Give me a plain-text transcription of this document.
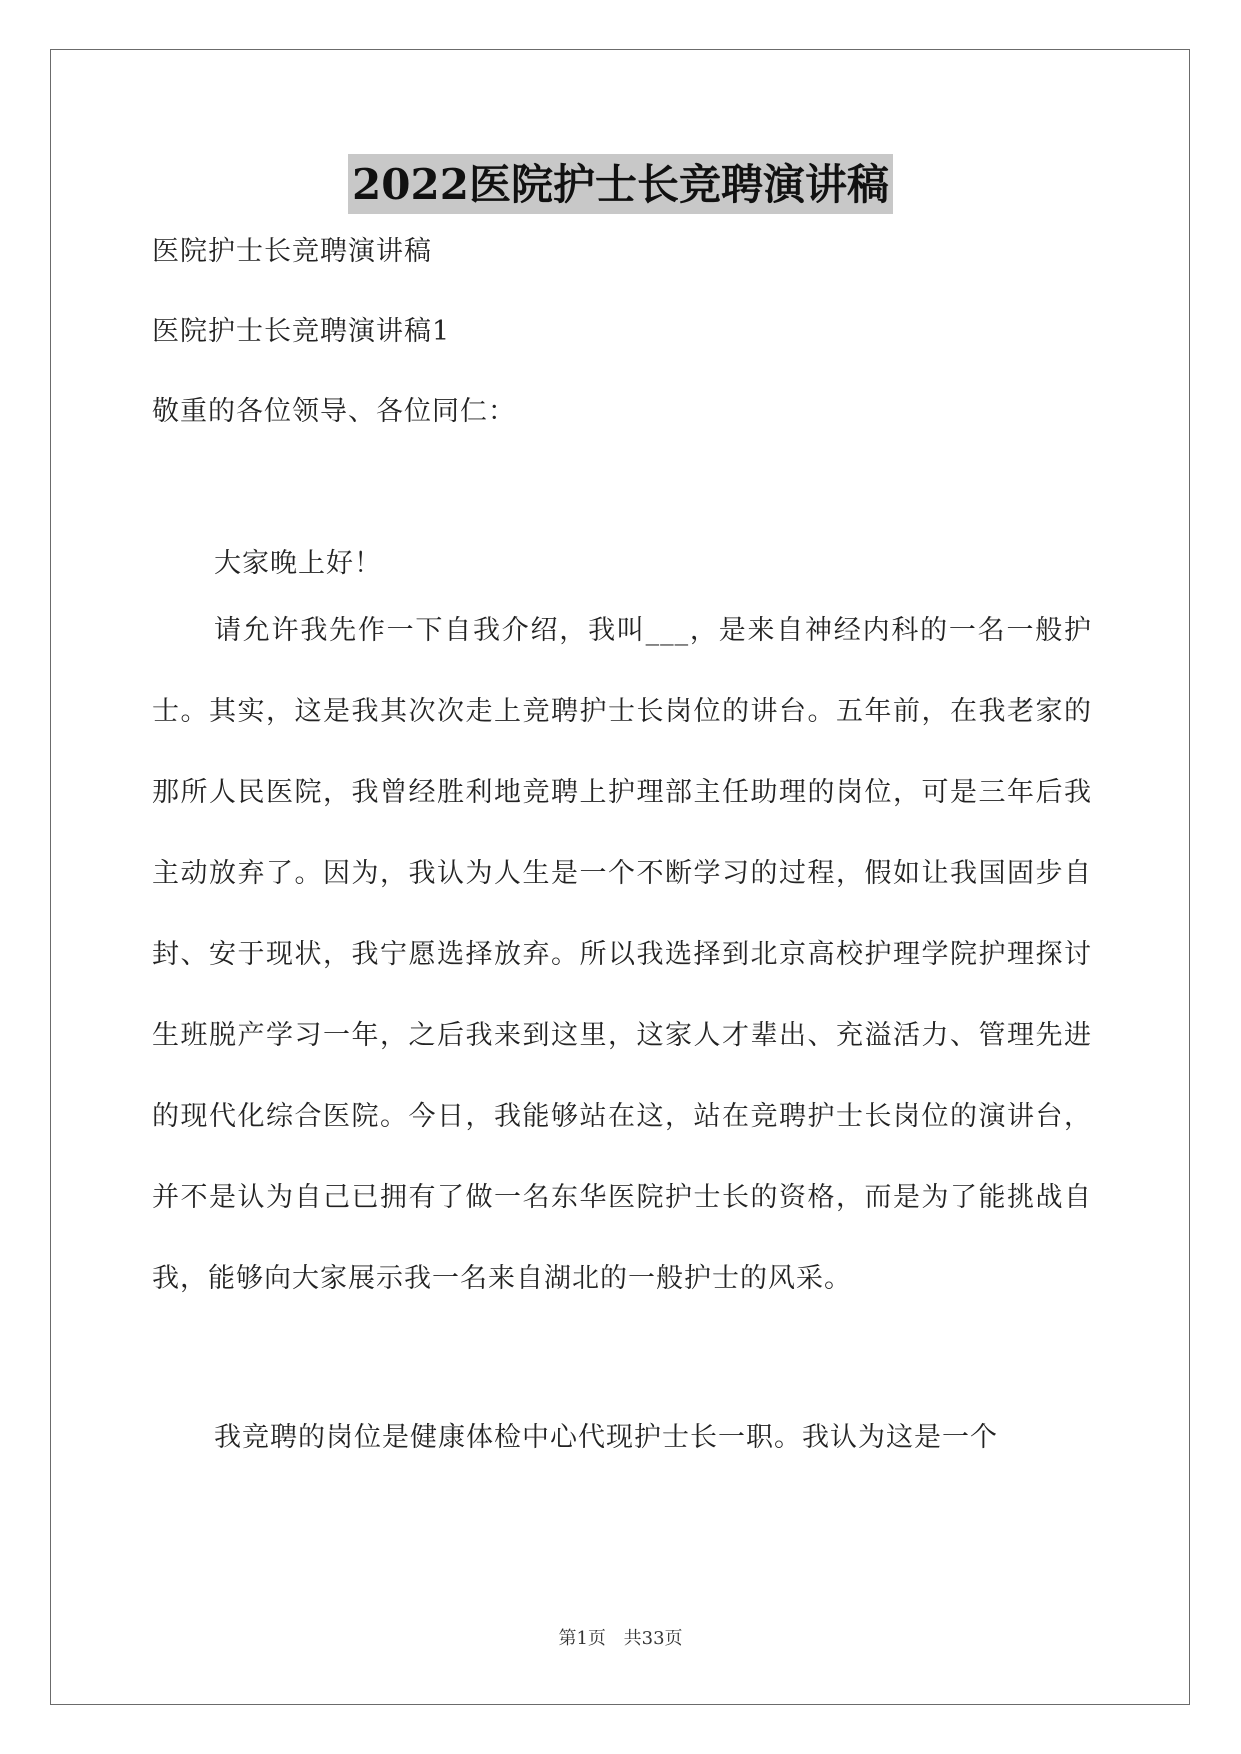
2022医院护士长竞聘演讲稿
医院护士长竞聘演讲稿
医院护士长竞聘演讲稿1
敬重的各位领导、各位同仁：
大家晚上好！
请允许我先作一下自我介绍，我叫___，是来自神经内科的一名一般护士。其实，这是我其次次走上竞聘护士长岗位的讲台。五年前，在我老家的那所人民医院，我曾经胜利地竞聘上护理部主任助理的岗位，可是三年后我主动放弃了。因为，我认为人生是一个不断学习的过程，假如让我国固步自封、安于现状，我宁愿选择放弃。所以我选择到北京高校护理学院护理探讨生班脱产学习一年，之后我来到这里，这家人才辈出、充溢活力、管理先进的现代化综合医院。今日，我能够站在这，站在竞聘护士长岗位的演讲台，并不是认为自己已拥有了做一名东华医院护士长的资格，而是为了能挑战自我，能够向大家展示我一名来自湖北的一般护士的风采。
我竞聘的岗位是健康体检中心代现护士长一职。我认为这是一个
第1页 共33页
